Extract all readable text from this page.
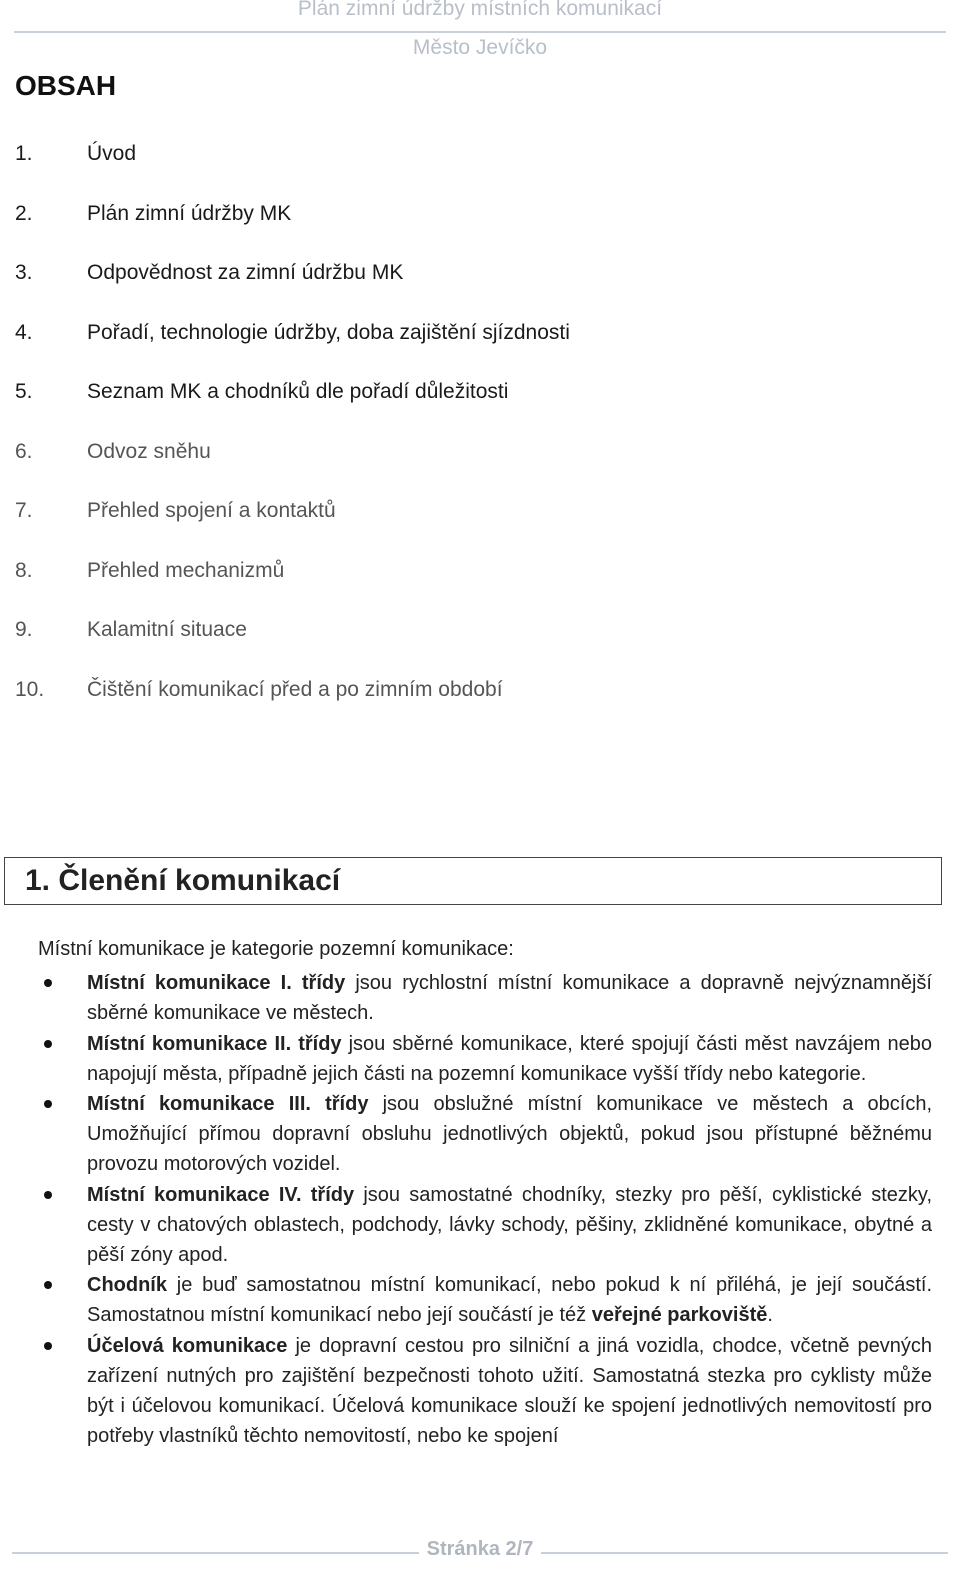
Plán zimní údržby místních komunikací
Město Jevíčko
OBSAH
1.	Úvod
2.	Plán zimní údržby MK
3.	Odpovědnost za zimní údržbu MK
4.	Pořadí, technologie údržby, doba zajištění sjízdnosti
5.	Seznam MK a chodníků dle pořadí důležitosti
6.	Odvoz sněhu
7.	Přehled spojení a kontaktů
8.	Přehled mechanizmů
9.	Kalamitní situace
10.	Čištění komunikací před a po zimním období
1. Členění komunikací
Místní komunikace je kategorie pozemní komunikace:
Místní komunikace I. třídy jsou rychlostní místní komunikace a dopravně nejvýznamnější sběrné komunikace ve městech.
Místní komunikace II. třídy jsou sběrné komunikace, které spojují části měst navzájem nebo napojují města, případně jejich části na pozemní komunikace vyšší třídy nebo kategorie.
Místní komunikace III. třídy jsou obslužné místní komunikace ve městech a obcích, Umožňující přímou dopravní obsluhu jednotlivých objektů, pokud jsou přístupné běžnému provozu motorových vozidel.
Místní komunikace IV. třídy jsou samostatné chodníky, stezky pro pěší, cyklistické stezky, cesty v chatových oblastech, podchody, lávky schody, pěšiny, zklidněné komunikace, obytné a pěší zóny apod.
Chodník je buď samostatnou místní komunikací, nebo pokud k ní přiléhá, je její součástí. Samostatnou místní komunikací nebo její součástí je též veřejné parkoviště.
Účelová komunikace je dopravní cestou pro silniční a jiná vozidla, chodce, včetně pevných zařízení nutných pro zajištění bezpečnosti tohoto užití. Samostatná stezka pro cyklisty může být i účelovou komunikací. Účelová komunikace slouží ke spojení jednotlivých nemovitostí pro potřeby vlastníků těchto nemovitostí, nebo ke spojení
Stránka 2/7
